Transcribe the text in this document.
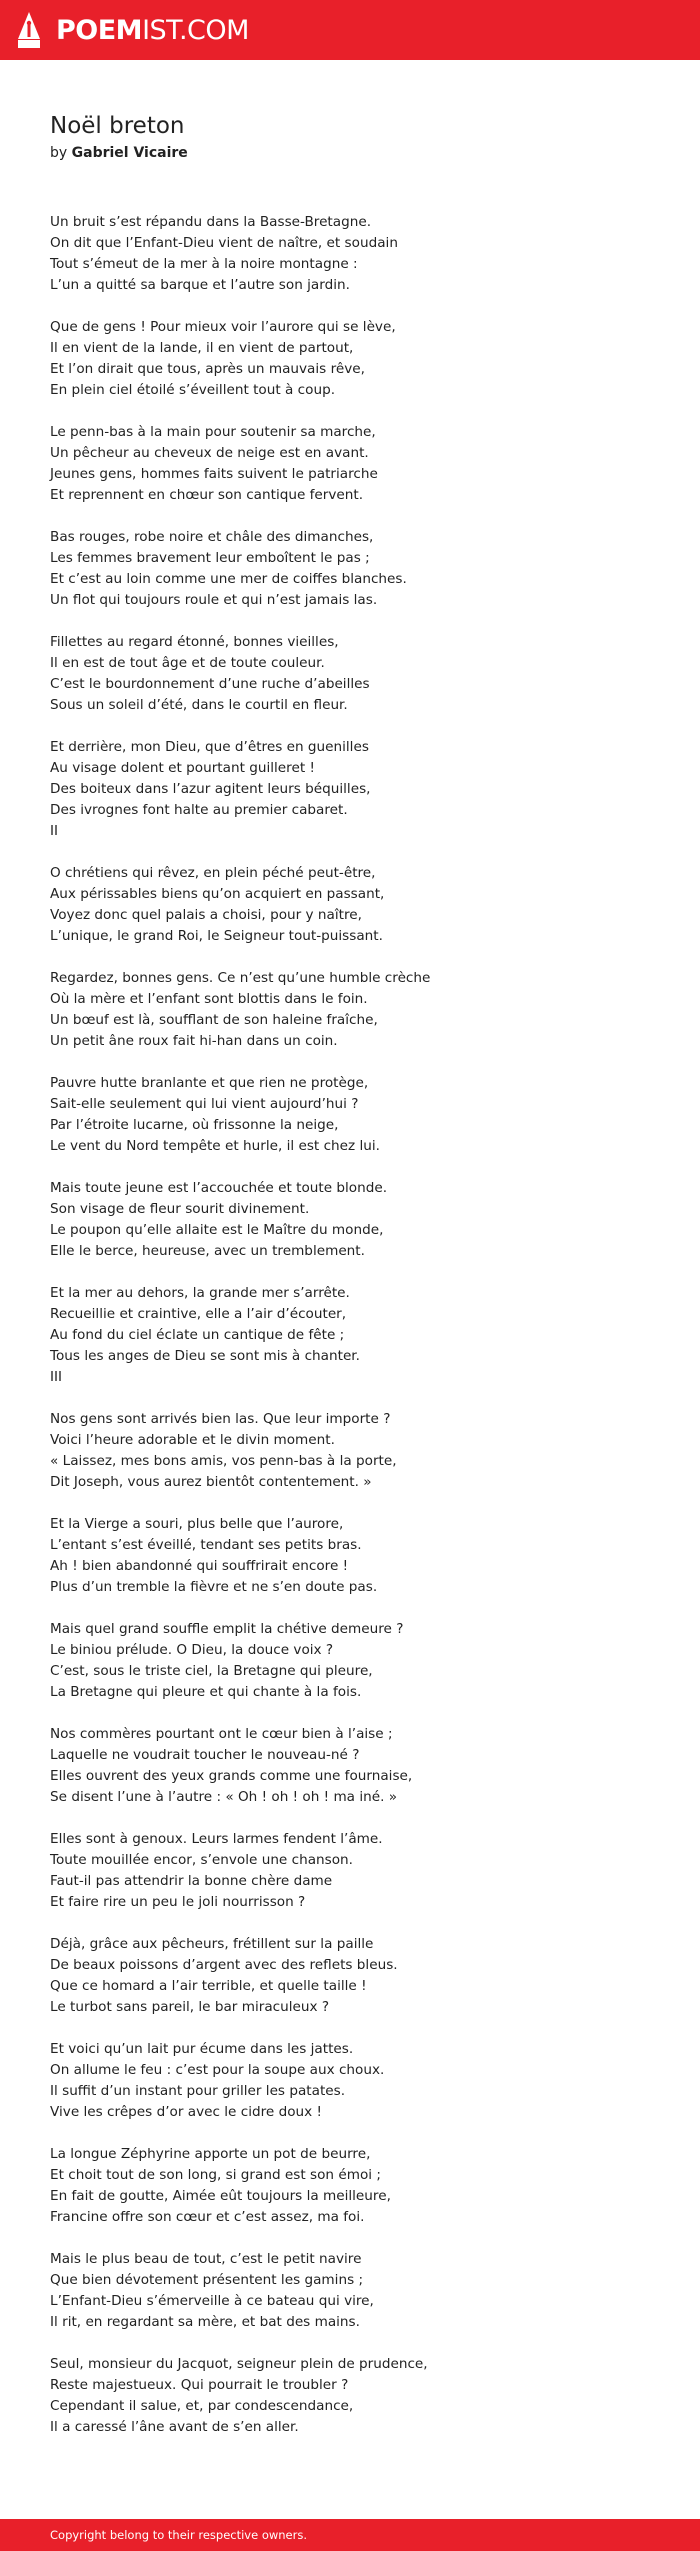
POEMIST.COM
Noël breton

by Gabriel Vicaire

Un bruit s’est répandu dans la Basse-Bretagne.
On dit que l’Enfant-Dieu vient de naître, et soudain
Tout s’émeut de la mer à la noire montagne :
L’un a quitté sa barque et l’autre son jardin.

Que de gens ! Pour mieux voir l’aurore qui se lève,
Il en vient de la lande, il en vient de partout,
Et l’on dirait que tous, après un mauvais rêve,
En plein ciel étoilé s’éveillent tout à coup.

Le penn-bas à la main pour soutenir sa marche,
Un pêcheur au cheveux de neige est en avant.
Jeunes gens, hommes faits suivent le patriarche
Et reprennent en chœur son cantique fervent.

Bas rouges, robe noire et châle des dimanches,
Les femmes bravement leur emboîtent le pas ;
Et c’est au loin comme une mer de coiffes blanches.
Un flot qui toujours roule et qui n’est jamais las.

Fillettes au regard étonné, bonnes vieilles,
Il en est de tout âge et de toute couleur.
C’est le bourdonnement d’une ruche d’abeilles
Sous un soleil d’été, dans le courtil en fleur.

Et derrière, mon Dieu, que d’êtres en guenilles
Au visage dolent et pourtant guilleret !
Des boiteux dans l’azur agitent leurs béquilles,
Des ivrognes font halte au premier cabaret.
II

O chrétiens qui rêvez, en plein péché peut-être,
Aux périssables biens qu’on acquiert en passant,
Voyez donc quel palais a choisi, pour y naître,
L’unique, le grand Roi, le Seigneur tout-puissant.

Regardez, bonnes gens. Ce n’est qu’une humble crèche
Où la mère et l’enfant sont blottis dans le foin.
Un bœuf est là, soufflant de son haleine fraîche,
Un petit âne roux fait hi-han dans un coin.

Pauvre hutte branlante et que rien ne protège,
Sait-elle seulement qui lui vient aujourd’hui ?
Par l’étroite lucarne, où frissonne la neige,
Le vent du Nord tempête et hurle, il est chez lui.

Mais toute jeune est l’accouchée et toute blonde.
Son visage de fleur sourit divinement.
Le poupon qu’elle allaite est le Maître du monde,
Elle le berce, heureuse, avec un tremblement.

Et la mer au dehors, la grande mer s’arrête.
Recueillie et craintive, elle a l’air d’écouter,
Au fond du ciel éclate un cantique de fête ;
Tous les anges de Dieu se sont mis à chanter.
III

Nos gens sont arrivés bien las. Que leur importe ?
Voici l’heure adorable et le divin moment.
« Laissez, mes bons amis, vos penn-bas à la porte,
Dit Joseph, vous aurez bientôt contentement. »

Et la Vierge a souri, plus belle que l’aurore,
L’entant s’est éveillé, tendant ses petits bras.
Ah ! bien abandonné qui souffrirait encore !
Plus d’un tremble la fièvre et ne s’en doute pas.

Mais quel grand souffle emplit la chétive demeure ?
Le biniou prélude. O Dieu, la douce voix ?
C’est, sous le triste ciel, la Bretagne qui pleure,
La Bretagne qui pleure et qui chante à la fois.

Nos commères pourtant ont le cœur bien à l’aise ;
Laquelle ne voudrait toucher le nouveau-né ?
Elles ouvrent des yeux grands comme une fournaise,
Se disent l’une à l’autre : « Oh ! oh ! oh ! ma iné. »

Elles sont à genoux. Leurs larmes fendent l’âme.
Toute mouillée encor, s’envole une chanson.
Faut-il pas attendrir la bonne chère dame
Et faire rire un peu le joli nourrisson ?

Déjà, grâce aux pêcheurs, frétillent sur la paille
De beaux poissons d’argent avec des reflets bleus.
Que ce homard a l’air terrible, et quelle taille !
Le turbot sans pareil, le bar miraculeux ?

Et voici qu’un lait pur écume dans les jattes.
On allume le feu : c’est pour la soupe aux choux.
Il suffit d’un instant pour griller les patates.
Vive les crêpes d’or avec le cidre doux !

La longue Zéphyrine apporte un pot de beurre,
Et choit tout de son long, si grand est son émoi ;
En fait de goutte, Aimée eût toujours la meilleure,
Francine offre son cœur et c’est assez, ma foi.

Mais le plus beau de tout, c’est le petit navire
Que bien dévotement présentent les gamins ;
L’Enfant-Dieu s’émerveille à ce bateau qui vire,
Il rit, en regardant sa mère, et bat des mains.

Seul, monsieur du Jacquot, seigneur plein de prudence,
Reste majestueux. Qui pourrait le troubler ?
Cependant il salue, et, par condescendance,
Il a caressé l’âne avant de s’en aller.

Copyright belong to their respective owners.
